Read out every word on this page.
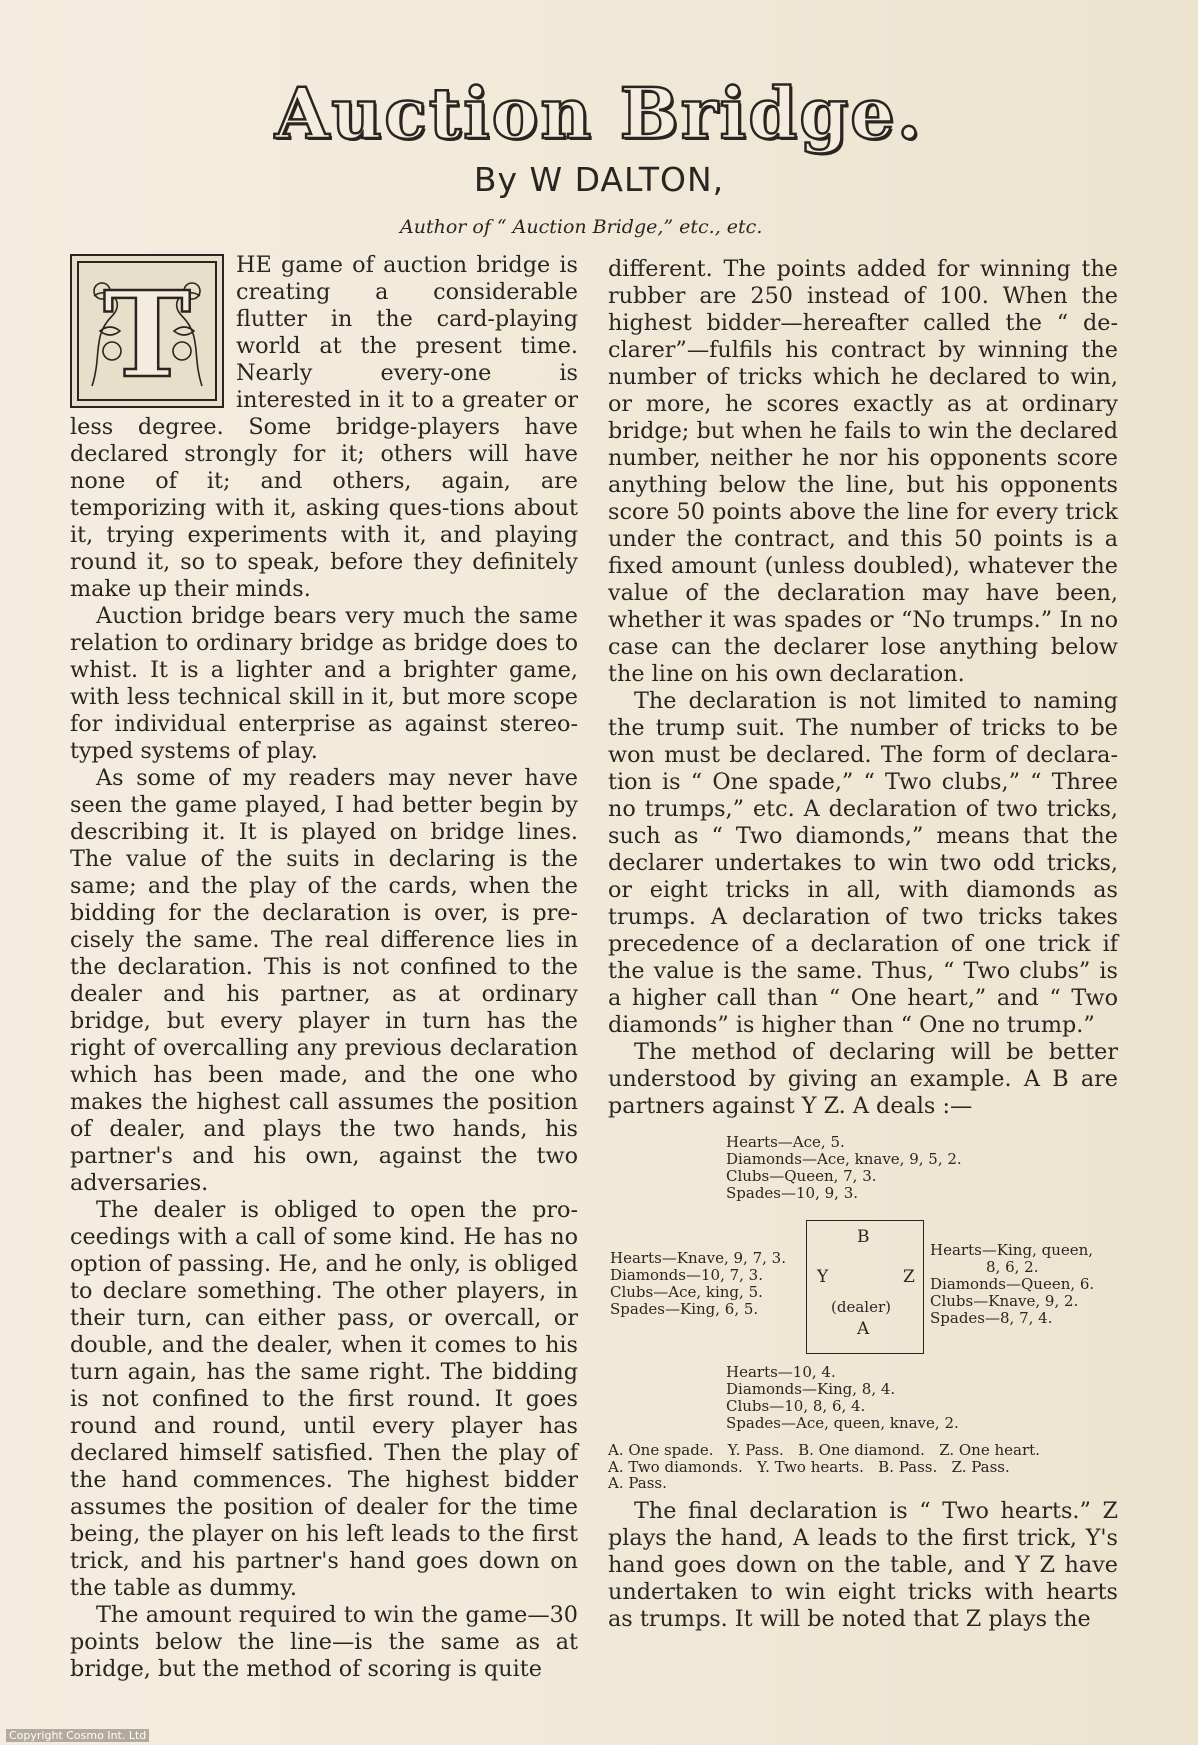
Auction Bridge.
By W DALTON,
Author of “ Auction Bridge,” etc., etc.
T	HE game of auction bridge is creating a considerable flutter in the card-playing world at the present time. Nearly every-one is interested in it to a greater or less degree. Some bridge-players have declared strongly for it; others will have none of it; and others, again, are temporizing with it, asking ques-tions about it, trying experiments with it, and playing round it, so to speak, before they definitely make up their minds.

Auction bridge bears very much the same relation to ordinary bridge as bridge does to whist. It is a lighter and a brighter game, with less technical skill in it, but more scope for individual enterprise as against stereo-typed systems of play.

As some of my readers may never have seen the game played, I had better begin by describing it. It is played on bridge lines. The value of the suits in declaring is the same; and the play of the cards, when the bidding for the declaration is over, is pre-cisely the same. The real difference lies in the declaration. This is not confined to the dealer and his partner, as at ordinary bridge, but every player in turn has the right of overcalling any previous declaration which has been made, and the one who makes the highest call assumes the position of dealer, and plays the two hands, his partner's and his own, against the two adversaries.

The dealer is obliged to open the pro-ceedings with a call of some kind. He has no option of passing. He, and he only, is obliged to declare something. The other players, in their turn, can either pass, or overcall, or double, and the dealer, when it comes to his turn again, has the same right. The bidding is not confined to the first round. It goes round and round, until every player has declared himself satisfied. Then the play of the hand commences. The highest bidder assumes the position of dealer for the time being, the player on his left leads to the first trick, and his partner's hand goes down on the table as dummy.

The amount required to win the game—30 points below the line—is the same as at bridge, but the method of scoring is quite

different. The points added for winning the rubber are 250 instead of 100. When the highest bidder—hereafter called the “ de-clarer”—fulfils his contract by winning the number of tricks which he declared to win, or more, he scores exactly as at ordinary bridge; but when he fails to win the declared number, neither he nor his opponents score anything below the line, but his opponents score 50 points above the line for every trick under the contract, and this 50 points is a fixed amount (unless doubled), whatever the value of the declaration may have been, whether it was spades or “No trumps.” In no case can the declarer lose anything below the line on his own declaration.

The declaration is not limited to naming the trump suit. The number of tricks to be won must be declared. The form of declara-tion is “ One spade,” “ Two clubs,” “ Three no trumps,” etc. A declaration of two tricks, such as “ Two diamonds,” means that the declarer undertakes to win two odd tricks, or eight tricks in all, with diamonds as trumps. A declaration of two tricks takes precedence of a declaration of one trick if the value is the same. Thus, “ Two clubs” is a higher call than “ One heart,” and “ Two diamonds” is higher than “ One no trump.”

The method of declaring will be better understood by giving an example. A B are partners against Y Z. A deals :—

Hearts—Ace, 5.
Diamonds—Ace, knave, 9, 5, 2.
Clubs—Queen, 7, 3.
Spades—10, 9, 3.
Hearts—Knave, 9, 7, 3.
Diamonds—10, 7, 3.
Clubs—Ace, king, 5.
Spades—King, 6, 5.
B
Y	Z
(dealer)
A
Hearts—King, queen,
8, 6, 2.
Diamonds—Queen, 6.
Clubs—Knave, 9, 2.
Spades—8, 7, 4.
Hearts—10, 4.
Diamonds—King, 8, 4.
Clubs—10, 8, 6, 4.
Spades—Ace, queen, knave, 2.
A. One spade.   Y. Pass.   B. One diamond.   Z. One heart.
A. Two diamonds.   Y. Two hearts.   B. Pass.   Z. Pass.
A. Pass.

The final declaration is “ Two hearts.” Z plays the hand, A leads to the first trick, Y's hand goes down on the table, and Y Z have undertaken to win eight tricks with hearts as trumps. It will be noted that Z plays the

Copyright Cosmo Int. Ltd
